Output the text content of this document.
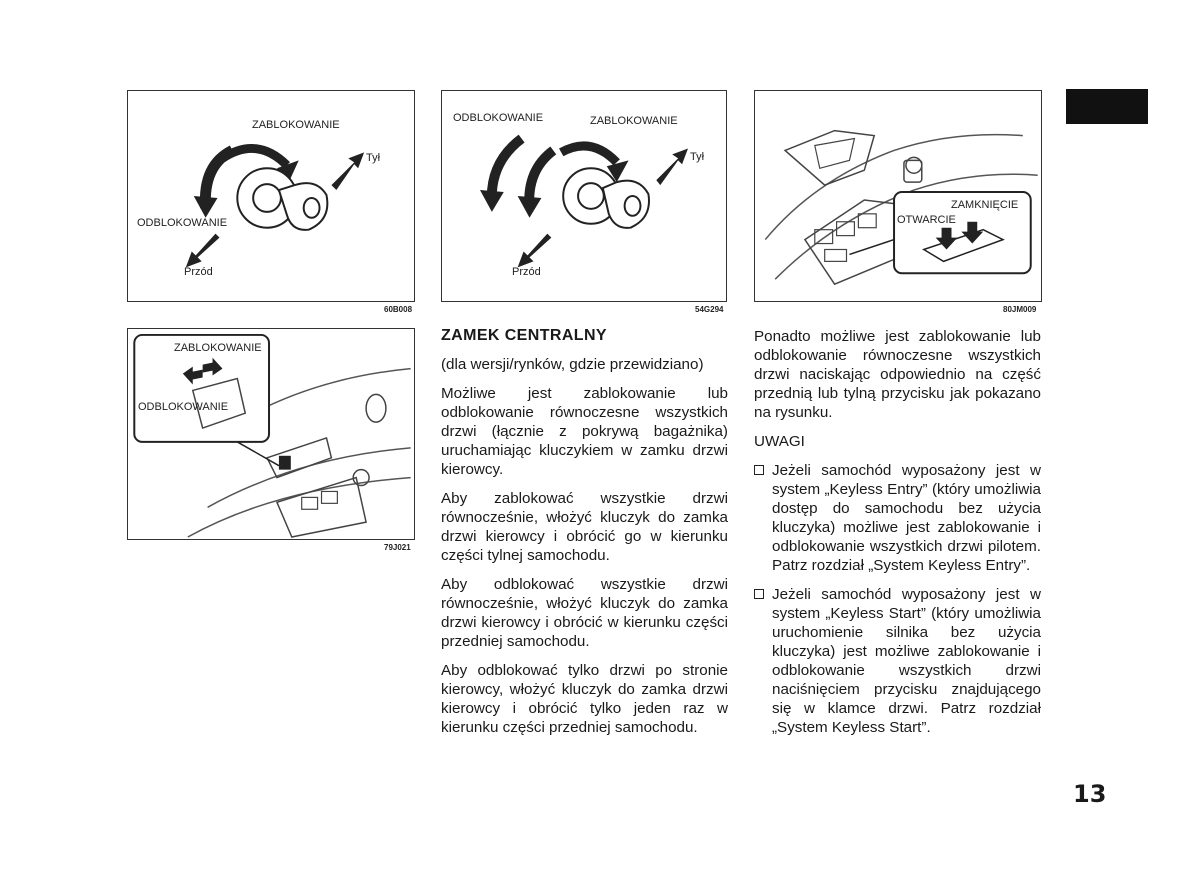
ZABLOKOWANIE
Tył
ODBLOKOWANIE
Przód
60B008
ODBLOKOWANIE	ZABLOKOWANIE
Tył
Przód
54G294
ZAMKNIĘCIE
OTWARCIE
80JM009
ZABLOKOWANIE
ODBLOKOWANIE
79J021

ZAMEK CENTRALNY

(dla wersji/rynków, gdzie przewidziano)

Możliwe jest zablokowanie lub odblokowanie równoczesne wszystkich drzwi (łącznie z pokrywą bagażnika) uruchamiając kluczykiem w zamku drzwi kierowcy.

Aby zablokować wszystkie drzwi równocześnie, włożyć kluczyk do zamka drzwi kierowcy i obrócić go w kierunku części tylnej samochodu.

Aby odblokować wszystkie drzwi równocześnie, włożyć kluczyk do zamka drzwi kierowcy i obrócić w kierunku części przedniej samochodu.

Aby odblokować tylko drzwi po stronie kierowcy, włożyć kluczyk do zamka drzwi kierowcy i obrócić tylko jeden raz w kierunku części przedniej samochodu.

Ponadto możliwe jest zablokowanie lub odblokowanie równoczesne wszystkich drzwi naciskając odpowiednio na część przednią lub tylną przycisku jak pokazano na rysunku.

UWAGI

Jeżeli samochód wyposażony jest w system „Keyless Entry” (który umożliwia dostęp do samochodu bez użycia kluczyka) możliwe jest zablokowanie i odblokowanie wszystkich drzwi pilotem. Patrz rozdział „System Keyless Entry”.
Jeżeli samochód wyposażony jest w system „Keyless Start” (który umożliwia uruchomienie silnika bez użycia kluczyka) jest możliwe zablokowanie i odblokowanie wszystkich drzwi naciśnięciem przycisku znajdującego się w klamce drzwi. Patrz rozdział „System Keyless Start”.
13
